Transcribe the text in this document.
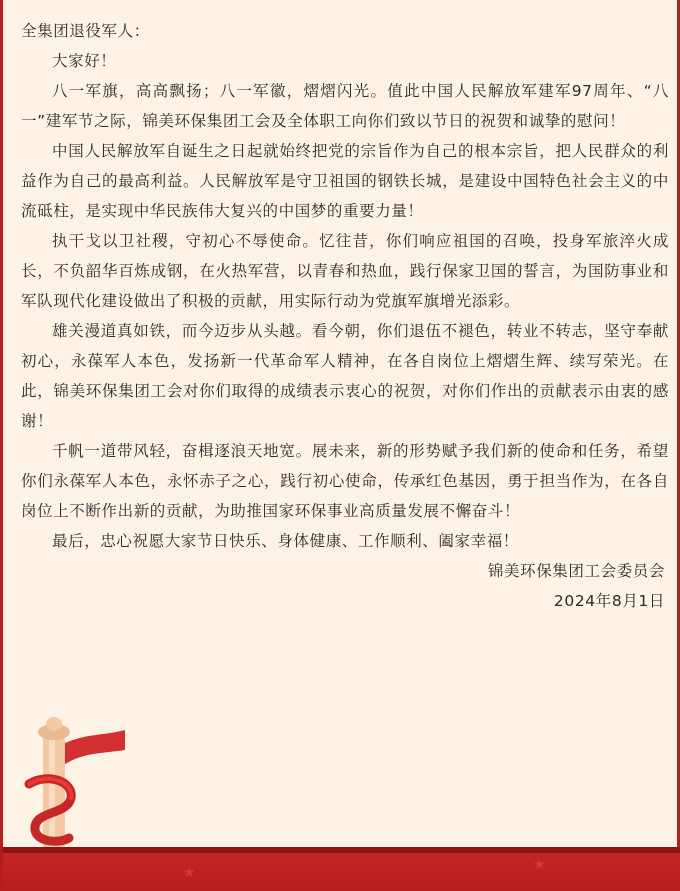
全集团退役军人：

大家好！

八一军旗，高高飘扬；八一军徽，熠熠闪光。值此中国人民解放军建军97周年、“八一”建军节之际，锦美环保集团工会及全体职工向你们致以节日的祝贺和诚挚的慰问！

中国人民解放军自诞生之日起就始终把党的宗旨作为自己的根本宗旨，把人民群众的利益作为自己的最高利益。人民解放军是守卫祖国的钢铁长城，是建设中国特色社会主义的中流砥柱，是实现中华民族伟大复兴的中国梦的重要力量！

执干戈以卫社稷，守初心不辱使命。忆往昔，你们响应祖国的召唤，投身军旅淬火成长，不负韶华百炼成钢，在火热军营，以青春和热血，践行保家卫国的誓言，为国防事业和军队现代化建设做出了积极的贡献，用实际行动为党旗军旗增光添彩。

雄关漫道真如铁，而今迈步从头越。看今朝，你们退伍不褪色，转业不转志，坚守奉献初心，永葆军人本色，发扬新一代革命军人精神，在各自岗位上熠熠生辉、续写荣光。在此，锦美环保集团工会对你们取得的成绩表示衷心的祝贺，对你们作出的贡献表示由衷的感谢！

千帆一道带风轻，奋楫逐浪天地宽。展未来，新的形势赋予我们新的使命和任务，希望你们永葆军人本色，永怀赤子之心，践行初心使命，传承红色基因，勇于担当作为，在各自岗位上不断作出新的贡献，为助推国家环保事业高质量发展不懈奋斗！

最后，忠心祝愿大家节日快乐、身体健康、工作顺利、阖家幸福！

锦美环保集团工会委员会

2024年8月1日

★	★
